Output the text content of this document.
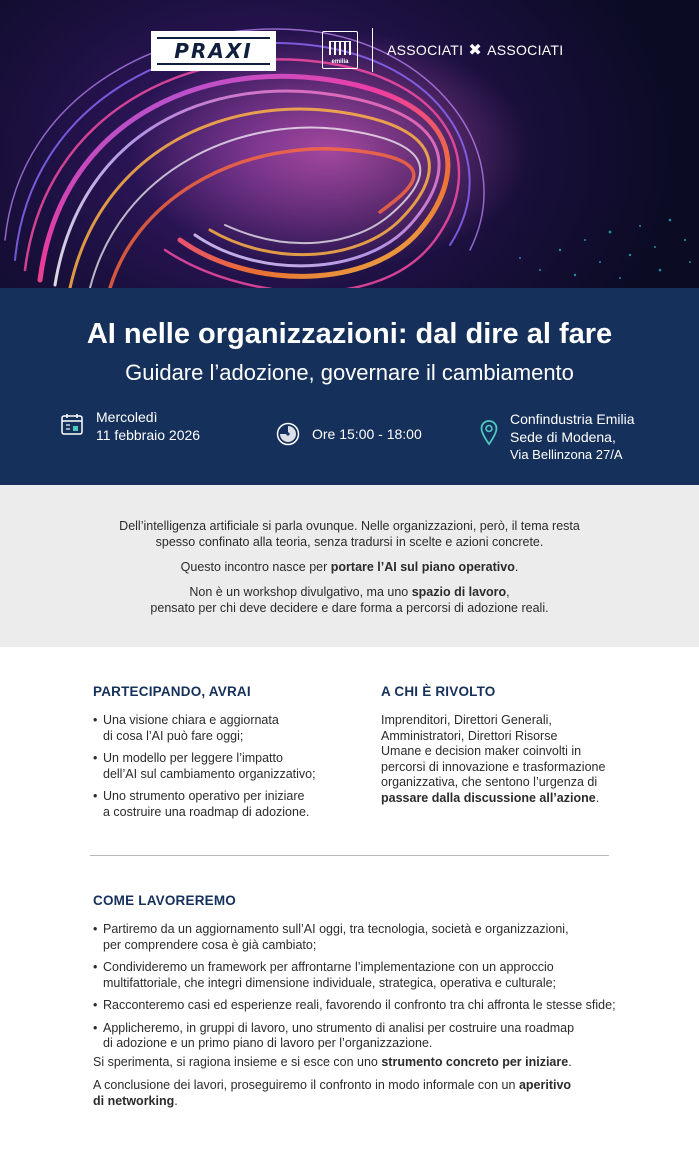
PRAXI	emilia
ASSOCIATI ✖ ASSOCIATI
AI nelle organizzazioni: dal dire al fare
Guidare l’adozione, governare il cambiamento
Mercoledì
11 febbraio 2026	Ore 15:00 - 18:00
Confindustria Emilia
Sede di Modena,
Via Bellinzona 27/A

Dell’intelligenza artificiale si parla ovunque. Nelle organizzazioni, però, il tema resta
spesso confinato alla teoria, senza tradursi in scelte e azioni concrete.

Questo incontro nasce per portare l’AI sul piano operativo.

Non è un workshop divulgativo, ma uno spazio di lavoro,
pensato per chi deve decidere e dare forma a percorsi di adozione reali.

PARTECIPANDO, AVRAI
• Una visione chiara e aggiornata
di cosa l’AI può fare oggi;
• Un modello per leggere l’impatto
dell’AI sul cambiamento organizzativo;
• Uno strumento operativo per iniziare
a costruire una roadmap di adozione.
A CHI È RIVOLTO
Imprenditori, Direttori Generali,
Amministratori, Direttori Risorse
Umane e decision maker coinvolti in
percorsi di innovazione e trasformazione
organizzativa, che sentono l’urgenza di
passare dalla discussione all’azione.
COME LAVOREREMO
• Partiremo da un aggiornamento sull’AI oggi, tra tecnologia, società e organizzazioni,
per comprendere cosa è già cambiato;
• Condivideremo un framework per affrontarne l’implementazione con un approccio
multifattoriale, che integri dimensione individuale, strategica, operativa e culturale;
• Racconteremo casi ed esperienze reali, favorendo il confronto tra chi affronta le stesse sfide;
• Applicheremo, in gruppi di lavoro, uno strumento di analisi per costruire una roadmap
di adozione e un primo piano di lavoro per l’organizzazione.
Si sperimenta, si ragiona insieme e si esce con uno strumento concreto per iniziare.
A conclusione dei lavori, proseguiremo il confronto in modo informale con un aperitivo
di networking.
